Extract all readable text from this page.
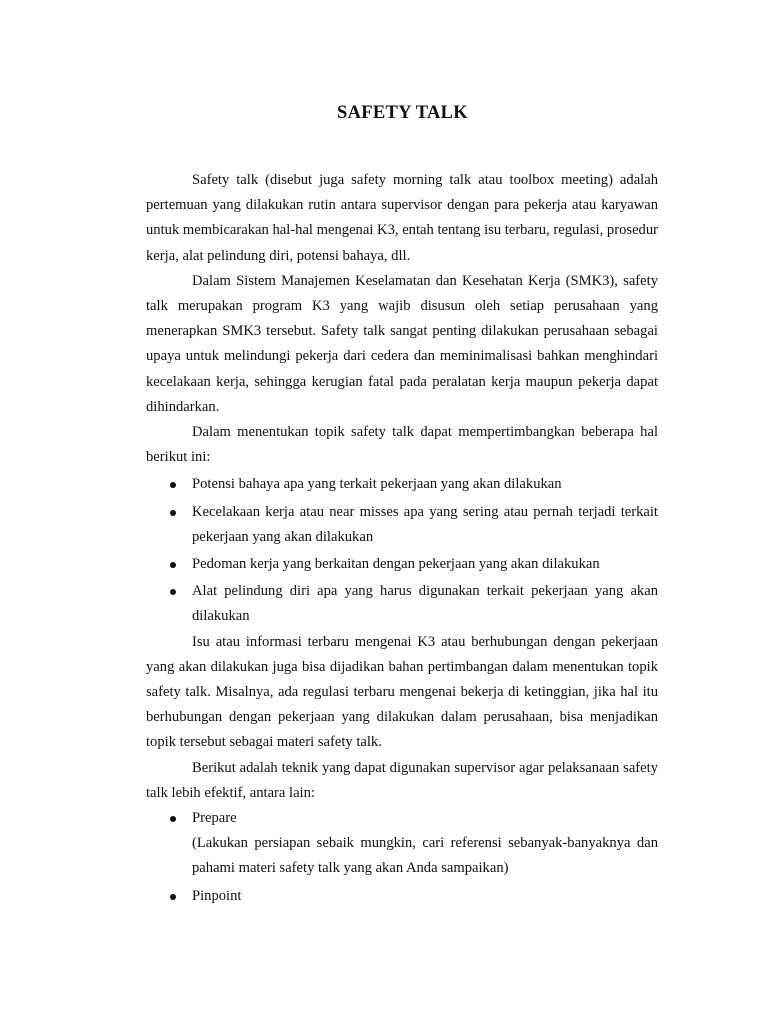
SAFETY TALK

Safety talk (disebut juga safety morning talk atau toolbox meeting) adalah pertemuan yang dilakukan rutin antara supervisor dengan para pekerja atau karyawan untuk membicarakan hal-hal mengenai K3, entah tentang isu terbaru, regulasi, prosedur kerja, alat pelindung diri, potensi bahaya, dll.

Dalam Sistem Manajemen Keselamatan dan Kesehatan Kerja (SMK3), safety talk merupakan program K3 yang wajib disusun oleh setiap perusahaan yang menerapkan SMK3 tersebut. Safety talk sangat penting dilakukan perusahaan sebagai upaya untuk melindungi pekerja dari cedera dan meminimalisasi bahkan menghindari kecelakaan kerja, sehingga kerugian fatal pada peralatan kerja maupun pekerja dapat dihindarkan.

Dalam menentukan topik safety talk dapat mempertimbangkan beberapa hal berikut ini:

Potensi bahaya apa yang terkait pekerjaan yang akan dilakukan
Kecelakaan kerja atau near misses apa yang sering atau pernah terjadi terkait pekerjaan yang akan dilakukan
Pedoman kerja yang berkaitan dengan pekerjaan yang akan dilakukan
Alat pelindung diri apa yang harus digunakan terkait pekerjaan yang akan dilakukan

Isu atau informasi terbaru mengenai K3 atau berhubungan dengan pekerjaan yang akan dilakukan juga bisa dijadikan bahan pertimbangan dalam menentukan topik safety talk. Misalnya, ada regulasi terbaru mengenai bekerja di ketinggian, jika hal itu berhubungan dengan pekerjaan yang dilakukan dalam perusahaan, bisa menjadikan topik tersebut sebagai materi safety talk.

Berikut adalah teknik yang dapat digunakan supervisor agar pelaksanaan safety talk lebih efektif, antara lain:

Prepare
(Lakukan persiapan sebaik mungkin, cari referensi sebanyak-banyaknya dan pahami materi safety talk yang akan Anda sampaikan)
Pinpoint
